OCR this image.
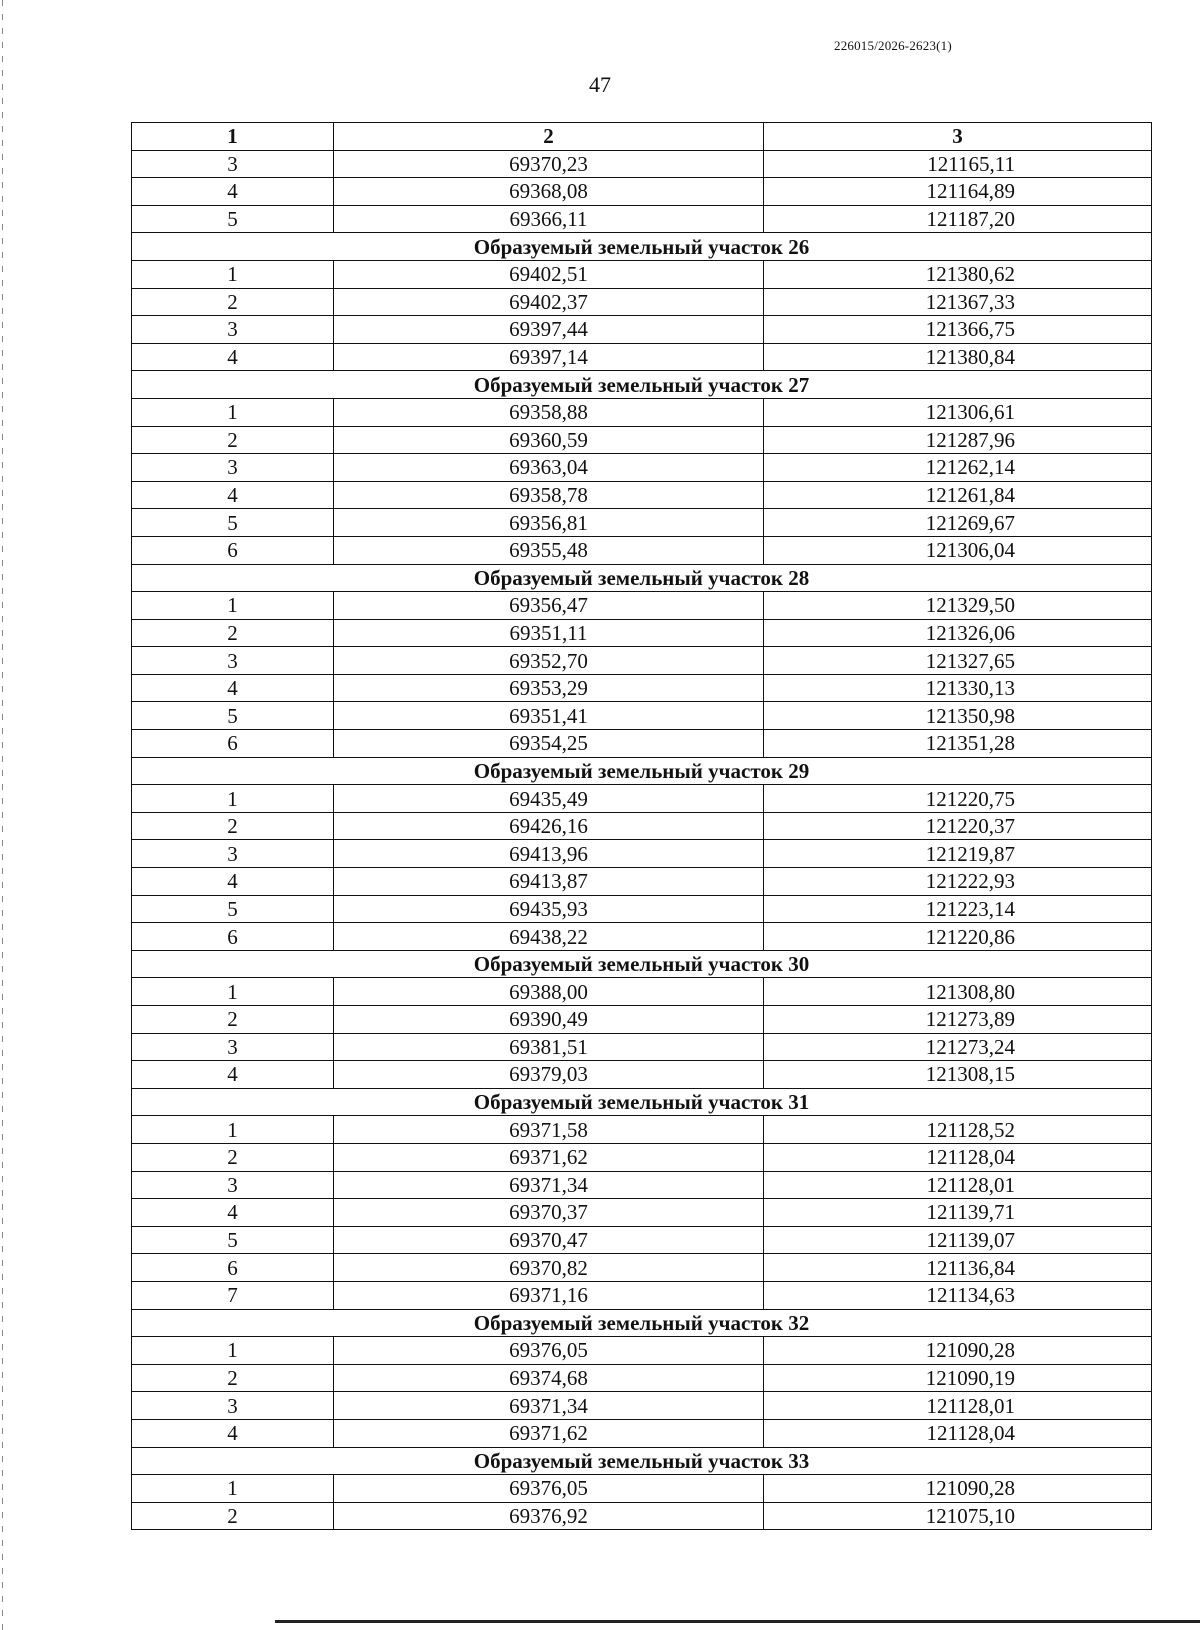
226015/2026-2623(1)
47
1	2	3
3	69370,23	121165,11
4	69368,08	121164,89
5	69366,11	121187,20
Образуемый земельный участок 26		
1	69402,51	121380,62
2	69402,37	121367,33
3	69397,44	121366,75
4	69397,14	121380,84
Образуемый земельный участок 27		
1	69358,88	121306,61
2	69360,59	121287,96
3	69363,04	121262,14
4	69358,78	121261,84
5	69356,81	121269,67
6	69355,48	121306,04
Образуемый земельный участок 28		
1	69356,47	121329,50
2	69351,11	121326,06
3	69352,70	121327,65
4	69353,29	121330,13
5	69351,41	121350,98
6	69354,25	121351,28
Образуемый земельный участок 29		
1	69435,49	121220,75
2	69426,16	121220,37
3	69413,96	121219,87
4	69413,87	121222,93
5	69435,93	121223,14
6	69438,22	121220,86
Образуемый земельный участок 30		
1	69388,00	121308,80
2	69390,49	121273,89
3	69381,51	121273,24
4	69379,03	121308,15
Образуемый земельный участок 31		
1	69371,58	121128,52
2	69371,62	121128,04
3	69371,34	121128,01
4	69370,37	121139,71
5	69370,47	121139,07
6	69370,82	121136,84
7	69371,16	121134,63
Образуемый земельный участок 32		
1	69376,05	121090,28
2	69374,68	121090,19
3	69371,34	121128,01
4	69371,62	121128,04
Образуемый земельный участок 33		
1	69376,05	121090,28
2	69376,92	121075,10
